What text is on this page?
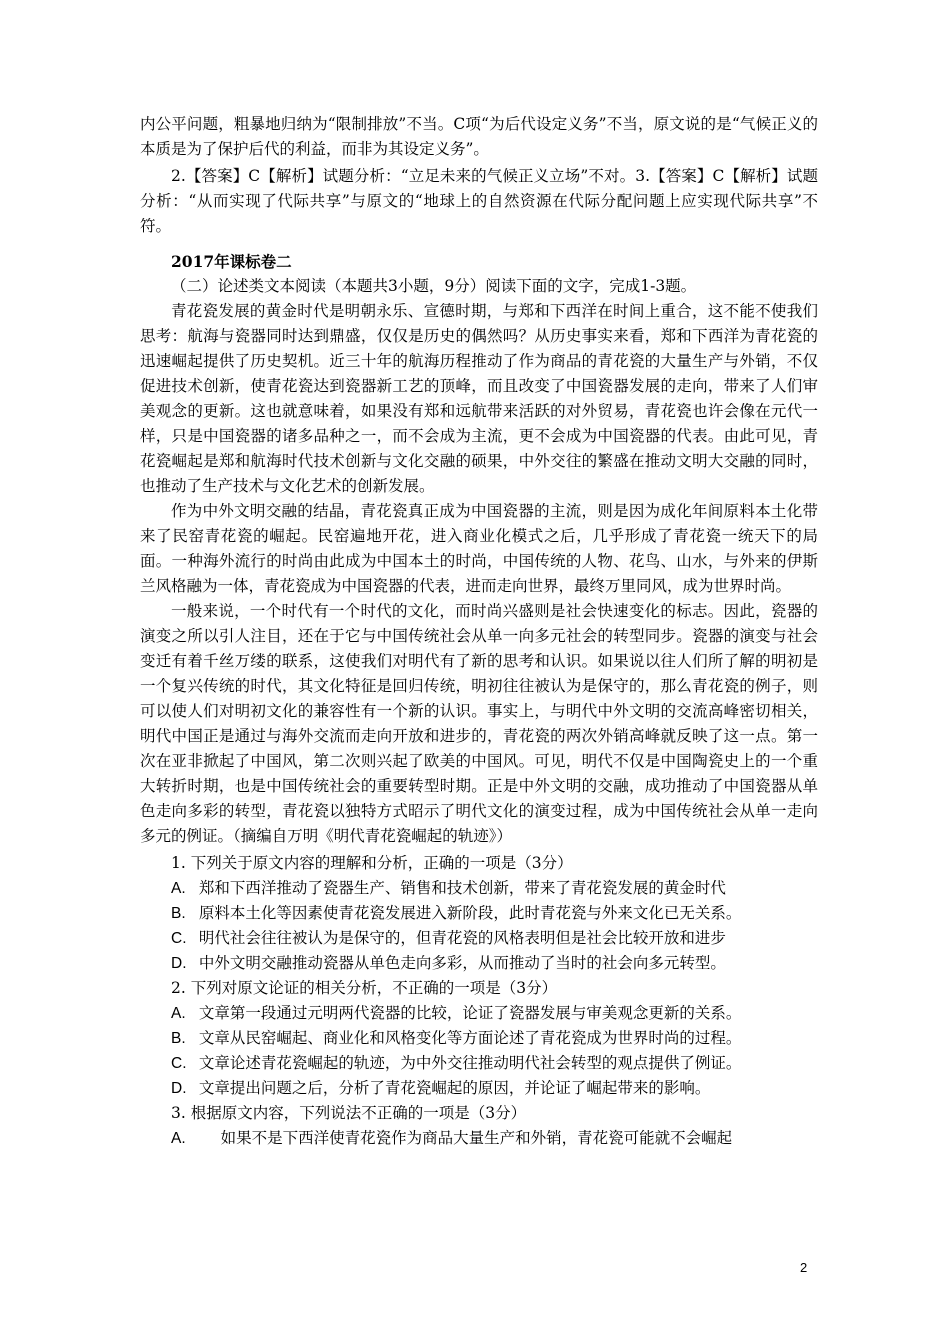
内公平问题，粗暴地归纳为“限制排放”不当。C项“为后代设定义务”不当，原文说的是“气候正义的本质是为了保护后代的利益，而非为其设定义务”。

2.【答案】C【解析】试题分析：“立足未来的气候正义立场”不对。3.【答案】C【解析】试题分析：“从而实现了代际共享”与原文的“地球上的自然资源在代际分配问题上应实现代际共享”不符。

2017年课标卷二

（二）论述类文本阅读（本题共3小题，9分）阅读下面的文字，完成1-3题。

青花瓷发展的黄金时代是明朝永乐、宣德时期，与郑和下西洋在时间上重合，这不能不使我们思考：航海与瓷器同时达到鼎盛，仅仅是历史的偶然吗？从历史事实来看，郑和下西洋为青花瓷的迅速崛起提供了历史契机。近三十年的航海历程推动了作为商品的青花瓷的大量生产与外销，不仅促进技术创新，使青花瓷达到瓷器新工艺的顶峰，而且改变了中国瓷器发展的走向，带来了人们审美观念的更新。这也就意味着，如果没有郑和远航带来活跃的对外贸易，青花瓷也许会像在元代一样，只是中国瓷器的诸多品种之一，而不会成为主流，更不会成为中国瓷器的代表。由此可见，青花瓷崛起是郑和航海时代技术创新与文化交融的硕果，中外交往的繁盛在推动文明大交融的同时，也推动了生产技术与文化艺术的创新发展。

作为中外文明交融的结晶，青花瓷真正成为中国瓷器的主流，则是因为成化年间原料本土化带来了民窑青花瓷的崛起。民窑遍地开花，进入商业化模式之后，几乎形成了青花瓷一统天下的局面。一种海外流行的时尚由此成为中国本土的时尚，中国传统的人物、花鸟、山水，与外来的伊斯兰风格融为一体，青花瓷成为中国瓷器的代表，进而走向世界，最终万里同风，成为世界时尚。

一般来说，一个时代有一个时代的文化，而时尚兴盛则是社会快速变化的标志。因此，瓷器的演变之所以引人注目，还在于它与中国传统社会从单一向多元社会的转型同步。瓷器的演变与社会变迁有着千丝万缕的联系，这使我们对明代有了新的思考和认识。如果说以往人们所了解的明初是一个复兴传统的时代，其文化特征是回归传统，明初往往被认为是保守的，那么青花瓷的例子，则可以使人们对明初文化的兼容性有一个新的认识。事实上，与明代中外文明的交流高峰密切相关，明代中国正是通过与海外交流而走向开放和进步的，青花瓷的两次外销高峰就反映了这一点。第一次在亚非掀起了中国风，第二次则兴起了欧美的中国风。可见，明代不仅是中国陶瓷史上的一个重大转折时期，也是中国传统社会的重要转型时期。正是中外文明的交融，成功推动了中国瓷器从单色走向多彩的转型，青花瓷以独特方式昭示了明代文化的演变过程，成为中国传统社会从单一走向多元的例证。（摘编自万明《明代青花瓷崛起的轨迹》）

1. 下列关于原文内容的理解和分析，正确的一项是（3分）

A. 郑和下西洋推动了瓷器生产、销售和技术创新，带来了青花瓷发展的黄金时代

B. 原料本土化等因素使青花瓷发展进入新阶段，此时青花瓷与外来文化已无关系。

C. 明代社会往往被认为是保守的，但青花瓷的风格表明但是社会比较开放和进步

D. 中外文明交融推动瓷器从单色走向多彩，从而推动了当时的社会向多元转型。

2. 下列对原文论证的相关分析，不正确的一项是（3分）

A. 文章第一段通过元明两代瓷器的比较，论证了瓷器发展与审美观念更新的关系。

B. 文章从民窑崛起、商业化和风格变化等方面论述了青花瓷成为世界时尚的过程。

C. 文章论述青花瓷崛起的轨迹，为中外交往推动明代社会转型的观点提供了例证。

D. 文章提出问题之后，分析了青花瓷崛起的原因，并论证了崛起带来的影响。

3. 根据原文内容，下列说法不正确的一项是（3分）

A. 如果不是下西洋使青花瓷作为商品大量生产和外销，青花瓷可能就不会崛起

2
